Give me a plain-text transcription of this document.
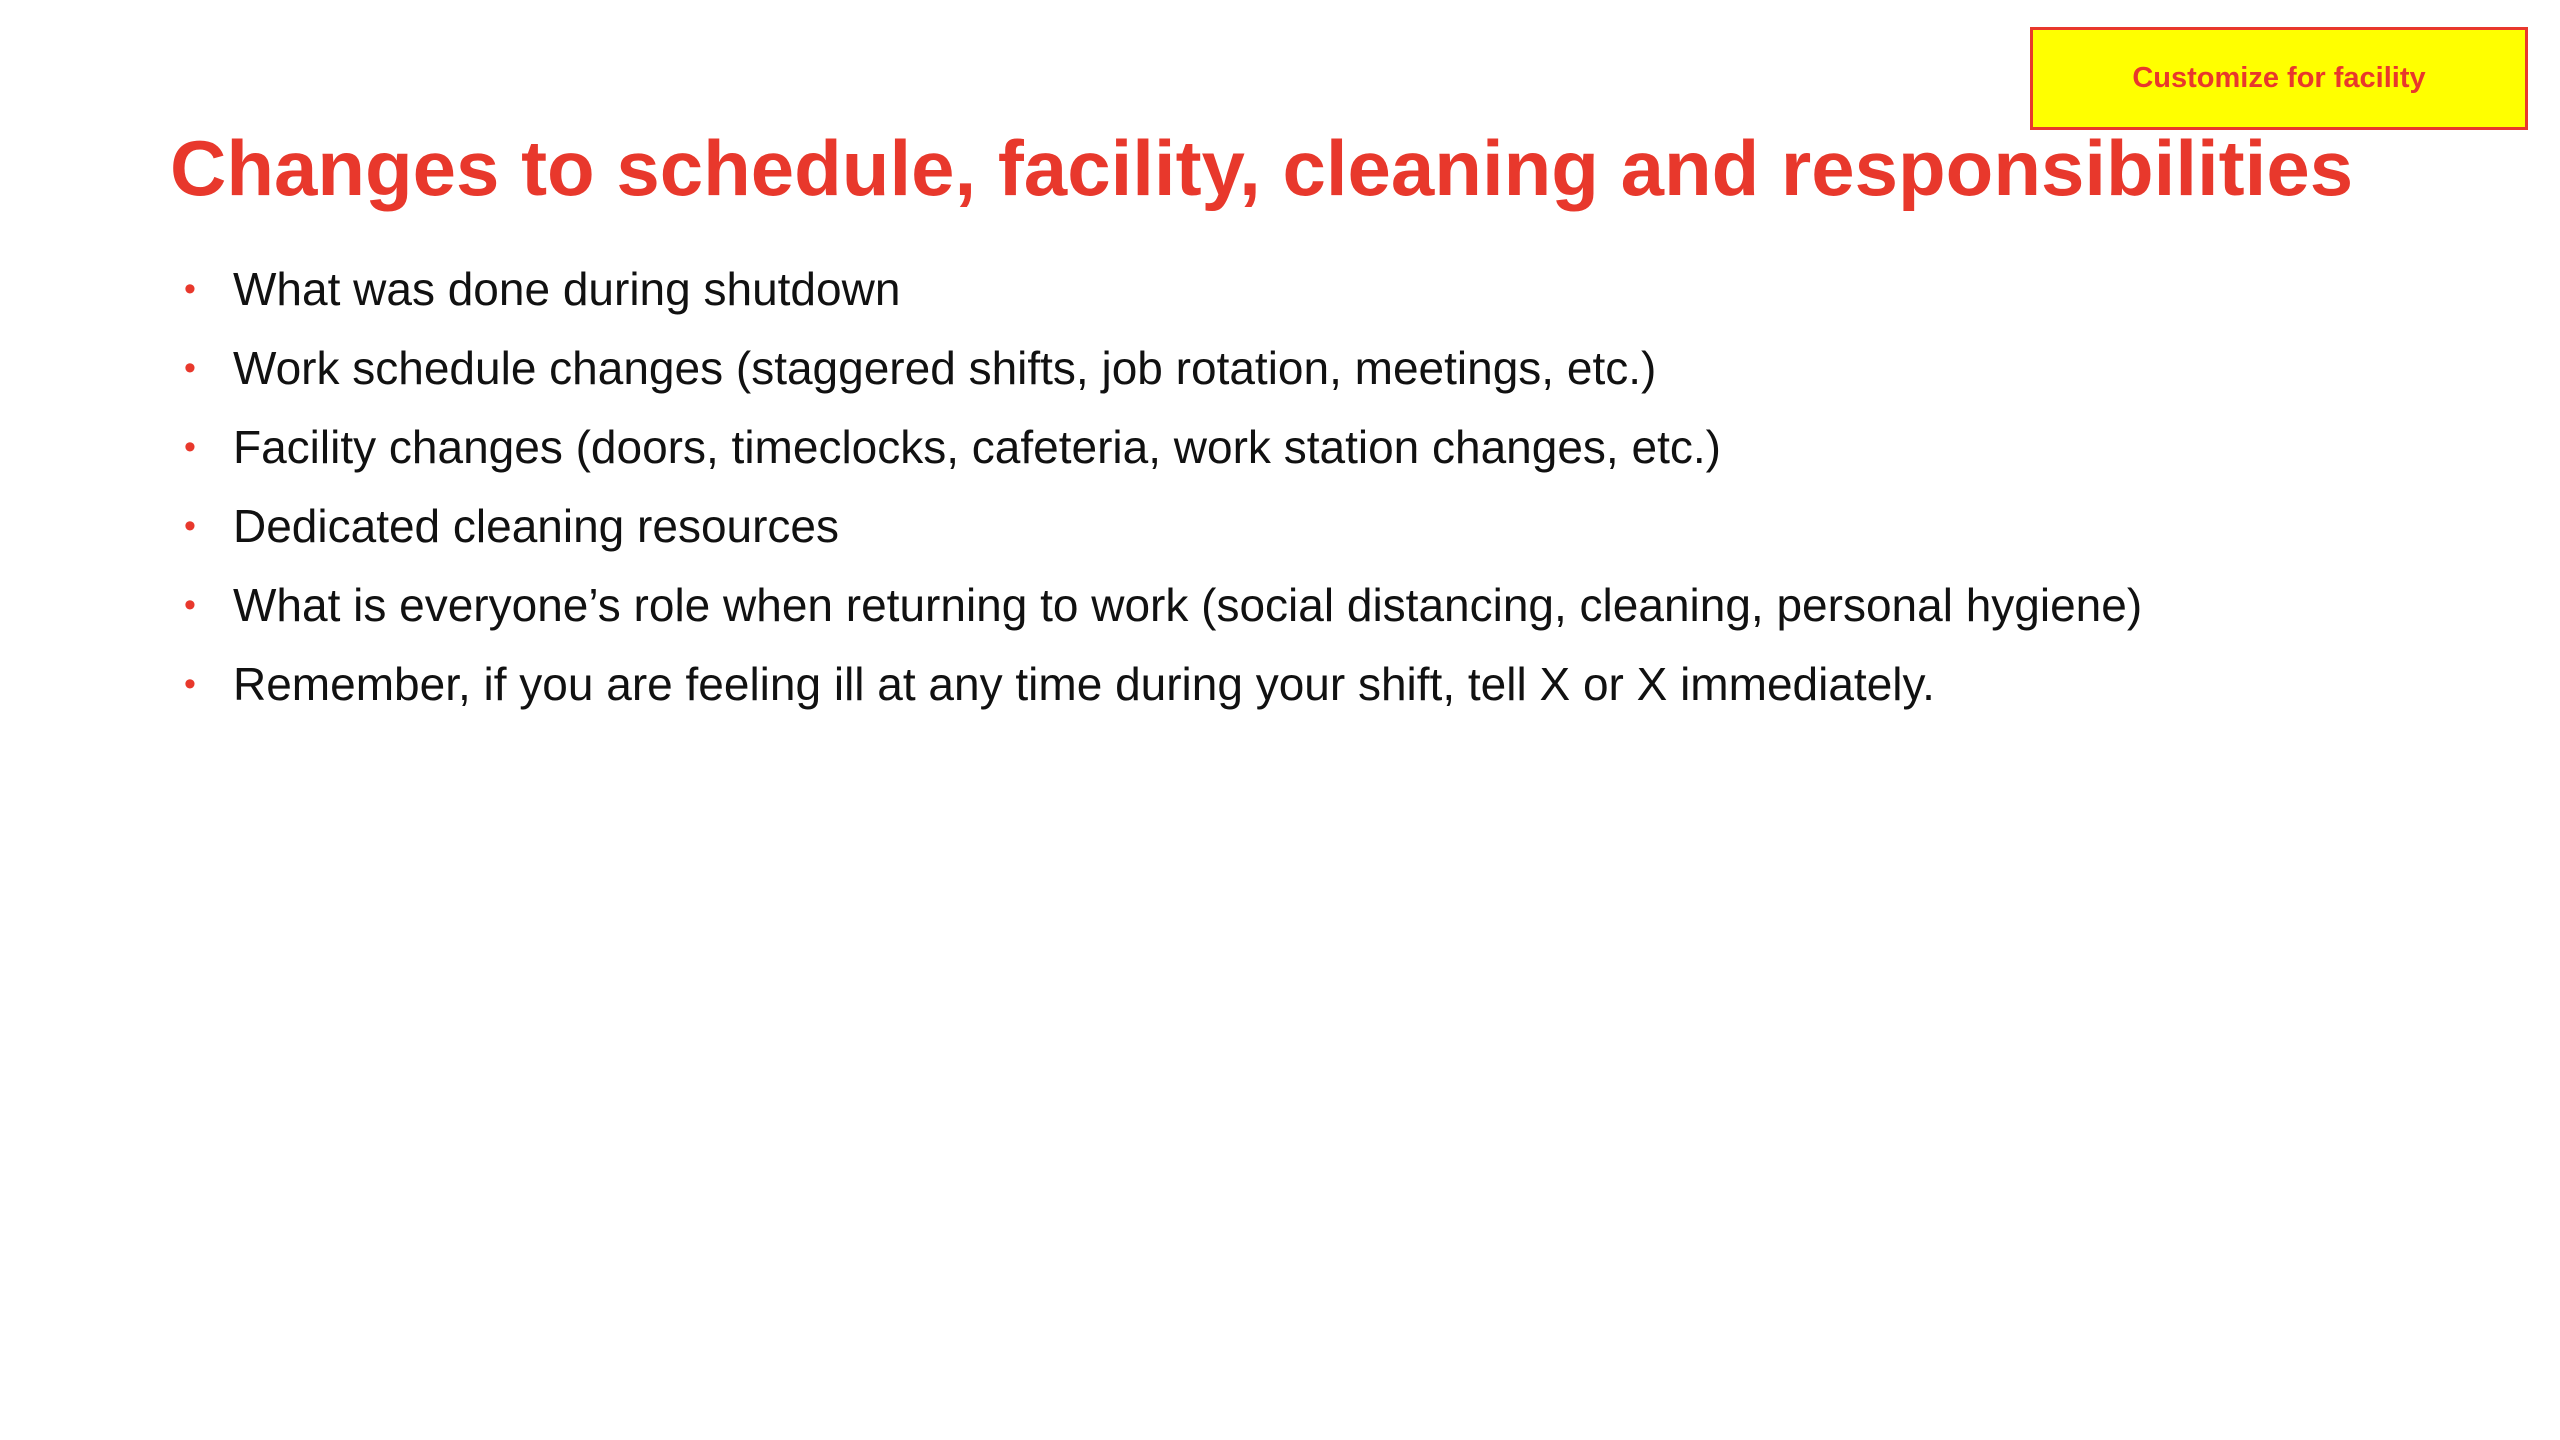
Customize for facility
Changes to schedule, facility, cleaning and responsibilities
• What was done during shutdown
• Work schedule changes (staggered shifts, job rotation, meetings, etc.)
• Facility changes (doors, timeclocks, cafeteria, work station changes, etc.)
• Dedicated cleaning resources
• What is everyone’s role when returning to work (social distancing, cleaning, personal hygiene)
• Remember, if you are feeling ill at any time during your shift, tell X or X immediately.
